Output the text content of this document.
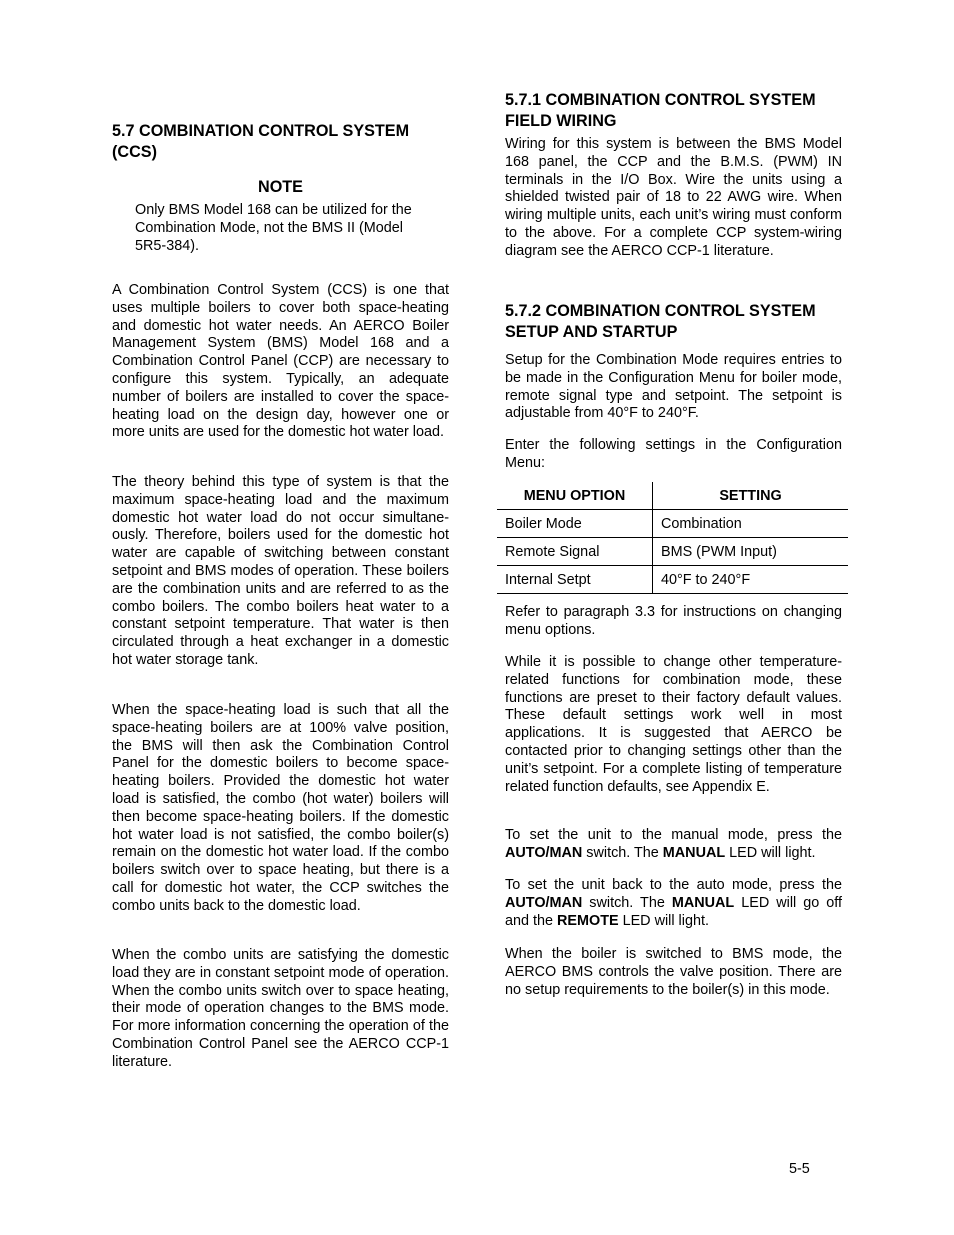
5.7 COMBINATION CONTROL SYSTEM (CCS)
NOTE
Only BMS Model 168 can be utilized for the Combination Mode, not the BMS II (Model 5R5-384).

A Combination Control System (CCS) is one that uses multiple boilers to cover both space-heating and domestic hot water needs. An AERCO Boiler Management System (BMS) Model 168 and a Combination Control Panel (CCP) are necessary to configure this system. Typically, an adequate number of boilers are installed to cover the space-heating load on the design day, however one or more units are used for the domestic hot water load.

The theory behind this type of system is that the maximum space-heating load and the maximum domestic hot water load do not occur simultane-ously. Therefore, boilers used for the domestic hot water are capable of switching between constant setpoint and BMS modes of operation. These boilers are the combination units and are referred to as the combo boilers. The combo boilers heat water to a constant setpoint temperature. That water is then circulated through a heat exchanger in a domestic hot water storage tank.

When the space-heating load is such that all the space-heating boilers are at 100% valve position, the BMS will then ask the Combination Control Panel for the domestic boilers to become space-heating boilers. Provided the domestic hot water load is satisfied, the combo (hot water) boilers will then become space-heating boilers. If the domestic hot water load is not satisfied, the combo boiler(s) remain on the domestic hot water load. If the combo boilers switch over to space heating, but there is a call for domestic hot water, the CCP switches the combo units back to the domestic load.

When the combo units are satisfying the domestic load they are in constant setpoint mode of operation. When the combo units switch over to space heating, their mode of operation changes to the BMS mode. For more information concerning the operation of the Combination Control Panel see the AERCO CCP-1 literature.

5.7.1 COMBINATION CONTROL SYSTEM FIELD WIRING

Wiring for this system is between the BMS Model 168 panel, the CCP and the B.M.S. (PWM) IN terminals in the I/O Box. Wire the units using a shielded twisted pair of 18 to 22 AWG wire. When wiring multiple units, each unit’s wiring must conform to the above. For a complete CCP system-wiring diagram see the AERCO CCP-1 literature.

5.7.2 COMBINATION CONTROL SYSTEM SETUP AND STARTUP

Setup for the Combination Mode requires entries to be made in the Configuration Menu for boiler mode, remote signal type and setpoint. The setpoint is adjustable from 40°F to 240°F.

Enter the following settings in the Configuration Menu:

MENU OPTION	SETTING
Boiler Mode	Combination
Remote Signal	BMS (PWM Input)
Internal Setpt	40°F to 240°F

Refer to paragraph 3.3 for instructions on changing menu options.

While it is possible to change other temperature-related functions for combination mode, these functions are preset to their factory default values. These default settings work well in most applications. It is suggested that AERCO be contacted prior to changing settings other than the unit’s setpoint. For a complete listing of temperature related function defaults, see Appendix E.

To set the unit to the manual mode, press the AUTO/MAN switch. The MANUAL LED will light.

To set the unit back to the auto mode, press the AUTO/MAN switch. The MANUAL LED will go off and the REMOTE LED will light.

When the boiler is switched to BMS mode, the AERCO BMS controls the valve position. There are no setup requirements to the boiler(s) in this mode.

5-5
